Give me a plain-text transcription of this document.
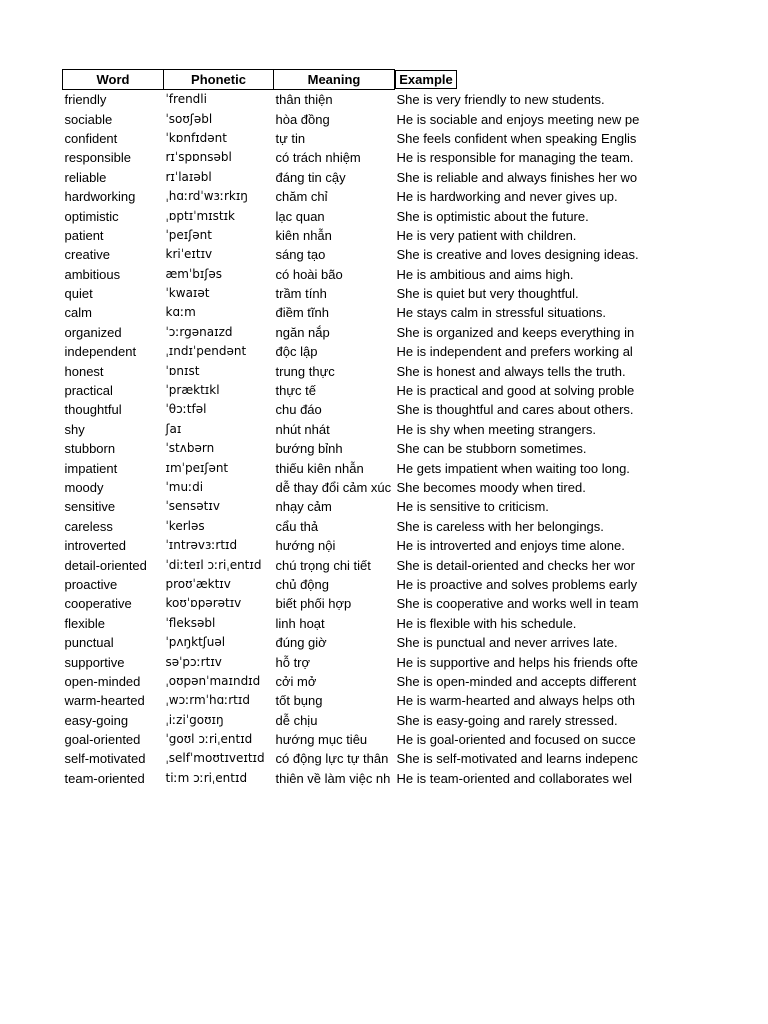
Word	Phonetic	Meaning	Example
friendly	ˈfrendli	thân thiện	She is very friendly to new students.
sociable	ˈsoʊʃəbl	hòa đồng	He is sociable and enjoys meeting new pe
confident	ˈkɒnfɪdənt	tự tin	She feels confident when speaking Englis
responsible	rɪˈspɒnsəbl	có trách nhiệm	He is responsible for managing the team.
reliable	rɪˈlaɪəbl	đáng tin cậy	She is reliable and always finishes her wo
hardworking	ˌhɑːrdˈwɜːrkɪŋ	chăm chỉ	He is hardworking and never gives up.
optimistic	ˌɒptɪˈmɪstɪk	lạc quan	She is optimistic about the future.
patient	ˈpeɪʃənt	kiên nhẫn	He is very patient with children.
creative	kriˈeɪtɪv	sáng tạo	She is creative and loves designing ideas.
ambitious	æmˈbɪʃəs	có hoài bão	He is ambitious and aims high.
quiet	ˈkwaɪət	trầm tính	She is quiet but very thoughtful.
calm	kɑːm	điềm tĩnh	He stays calm in stressful situations.
organized	ˈɔːrgənaɪzd	ngăn nắp	She is organized and keeps everything in
independent	ˌɪndɪˈpendənt	độc lập	He is independent and prefers working al
honest	ˈɒnɪst	trung thực	She is honest and always tells the truth.
practical	ˈpræktɪkl	thực tế	He is practical and good at solving proble
thoughtful	ˈθɔːtfəl	chu đáo	She is thoughtful and cares about others.
shy	ʃaɪ	nhút nhát	He is shy when meeting strangers.
stubborn	ˈstʌbərn	bướng bỉnh	She can be stubborn sometimes.
impatient	ɪmˈpeɪʃənt	thiếu kiên nhẫn	He gets impatient when waiting too long.
moody	ˈmuːdi	dễ thay đổi cảm xúc	She becomes moody when tired.
sensitive	ˈsensətɪv	nhạy cảm	He is sensitive to criticism.
careless	ˈkerləs	cẩu thả	She is careless with her belongings.
introverted	ˈɪntrəvɜːrtɪd	hướng nội	He is introverted and enjoys time alone.
detail-oriented	ˈdiːteɪl ɔːriˌentɪd	chú trọng chi tiết	She is detail-oriented and checks her wor
proactive	proʊˈæktɪv	chủ động	He is proactive and solves problems early
cooperative	koʊˈɒpərətɪv	biết phối hợp	She is cooperative and works well in team
flexible	ˈfleksəbl	linh hoạt	He is flexible with his schedule.
punctual	ˈpʌŋktʃuəl	đúng giờ	She is punctual and never arrives late.
supportive	səˈpɔːrtɪv	hỗ trợ	He is supportive and helps his friends ofte
open-minded	ˌoʊpənˈmaɪndɪd	cởi mở	She is open-minded and accepts different
warm-hearted	ˌwɔːrmˈhɑːrtɪd	tốt bụng	He is warm-hearted and always helps oth
easy-going	ˌiːziˈgoʊɪŋ	dễ chịu	She is easy-going and rarely stressed.
goal-oriented	ˈgoʊl ɔːriˌentɪd	hướng mục tiêu	He is goal-oriented and focused on succe
self-motivated	ˌselfˈmoʊtɪveɪtɪd	có động lực tự thân	She is self-motivated and learns indepenc
team-oriented	tiːm ɔːriˌentɪd	thiên về làm việc nh	He is team-oriented and collaborates wel
